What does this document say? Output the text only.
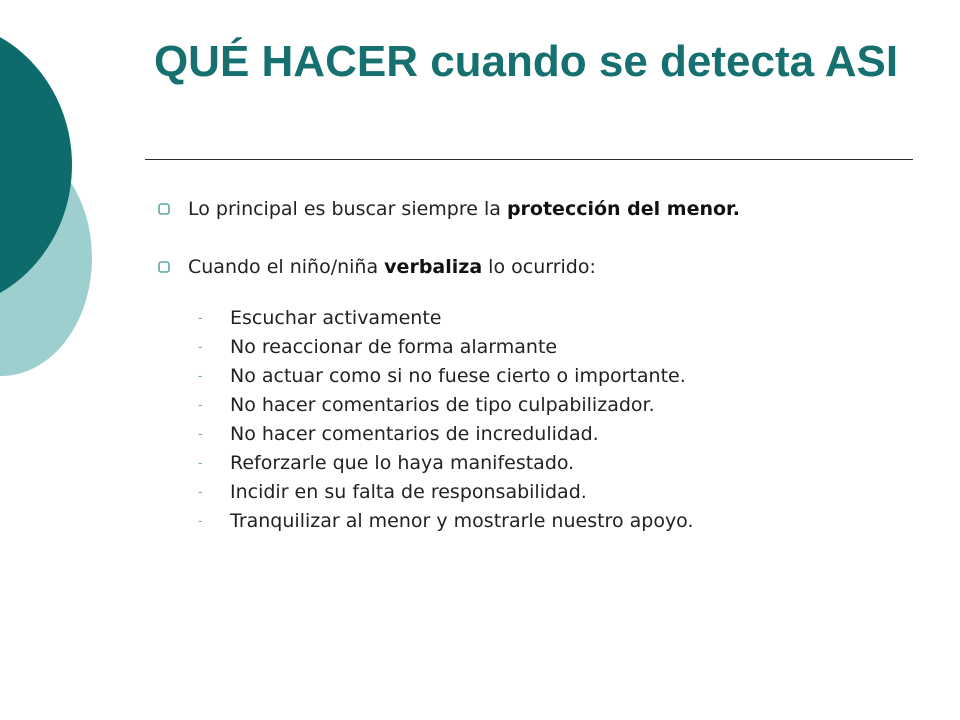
QUÉ HACER cuando se detecta ASI
Lo principal es buscar siempre la protección del menor.
Cuando el niño/niña verbaliza lo ocurrido:
- Escuchar activamente
- No reaccionar de forma alarmante
- No actuar como si no fuese cierto o importante.
- No hacer comentarios de tipo culpabilizador.
- No hacer comentarios de incredulidad.
- Reforzarle que lo haya manifestado.
- Incidir en su falta de responsabilidad.
- Tranquilizar al menor y mostrarle nuestro apoyo.
